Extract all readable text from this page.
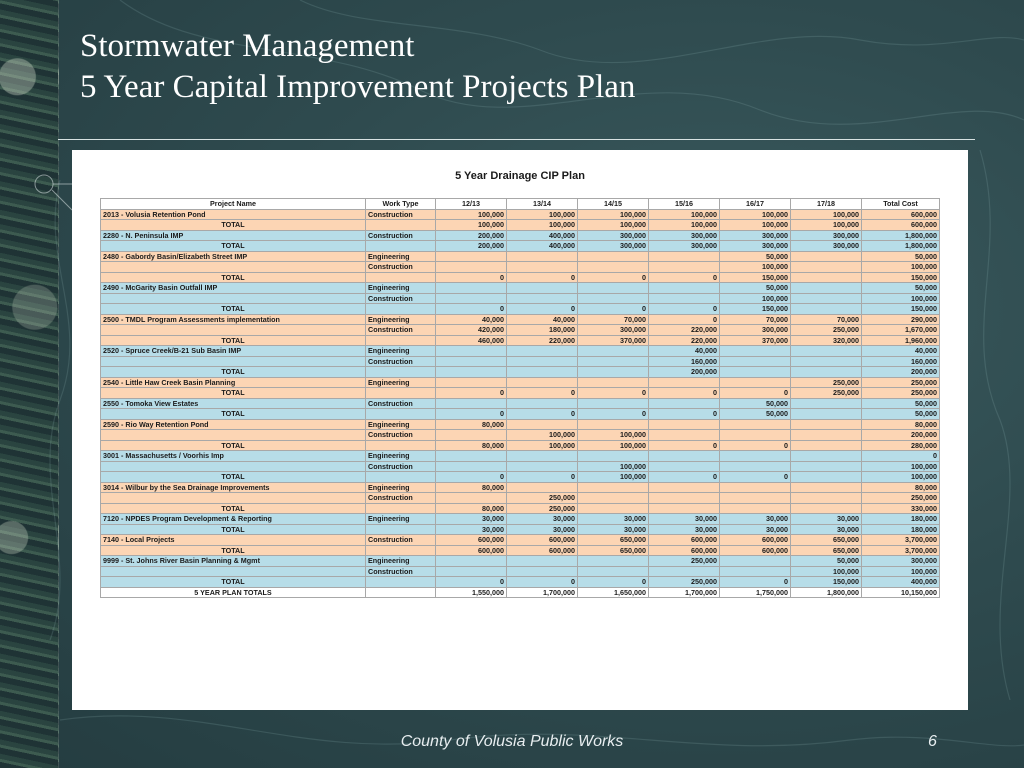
Stormwater Management
5 Year Capital Improvement Projects Plan
5 Year Drainage CIP Plan
Project Name	Work Type	12/13	13/14	14/15	15/16	16/17	17/18	Total Cost
2013 - Volusia Retention Pond	Construction	100,000	100,000	100,000	100,000	100,000	100,000	600,000
TOTAL		100,000	100,000	100,000	100,000	100,000	100,000	600,000
2280 - N. Peninsula IMP	Construction	200,000	400,000	300,000	300,000	300,000	300,000	1,800,000
TOTAL		200,000	400,000	300,000	300,000	300,000	300,000	1,800,000
2480 - Gabordy Basin/Elizabeth Street IMP	Engineering					50,000		50,000
	Construction					100,000		100,000
TOTAL		0	0	0	0	150,000		150,000
2490 - McGarity Basin Outfall IMP	Engineering					50,000		50,000
	Construction					100,000		100,000
TOTAL		0	0	0	0	150,000		150,000
2500 - TMDL Program Assessments implementation	Engineering	40,000	40,000	70,000	0	70,000	70,000	290,000
	Construction	420,000	180,000	300,000	220,000	300,000	250,000	1,670,000
TOTAL		460,000	220,000	370,000	220,000	370,000	320,000	1,960,000
2520 - Spruce Creek/B-21 Sub Basin IMP	Engineering				40,000			40,000
	Construction				160,000			160,000
TOTAL					200,000			200,000
2540 - Little Haw Creek Basin Planning	Engineering						250,000	250,000
TOTAL		0	0	0	0	0	250,000	250,000
2550 - Tomoka View Estates	Construction					50,000		50,000
TOTAL		0	0	0	0	50,000		50,000
2590 - Rio Way Retention Pond	Engineering	80,000						80,000
	Construction		100,000	100,000				200,000
TOTAL		80,000	100,000	100,000	0	0		280,000
3001 - Massachusetts / Voorhis Imp	Engineering							0
	Construction			100,000				100,000
TOTAL		0	0	100,000	0	0		100,000
3014 - Wilbur by the Sea Drainage Improvements	Engineering	80,000						80,000
	Construction		250,000					250,000
TOTAL		80,000	250,000					330,000
7120 - NPDES Program Development & Reporting	Engineering	30,000	30,000	30,000	30,000	30,000	30,000	180,000
TOTAL		30,000	30,000	30,000	30,000	30,000	30,000	180,000
7140 - Local Projects	Construction	600,000	600,000	650,000	600,000	600,000	650,000	3,700,000
TOTAL		600,000	600,000	650,000	600,000	600,000	650,000	3,700,000
9999 - St. Johns River Basin Planning & Mgmt	Engineering				250,000		50,000	300,000
	Construction						100,000	100,000
TOTAL		0	0	0	250,000	0	150,000	400,000
5 YEAR PLAN TOTALS		1,550,000	1,700,000	1,650,000	1,700,000	1,750,000	1,800,000	10,150,000
County of Volusia Public Works	6
